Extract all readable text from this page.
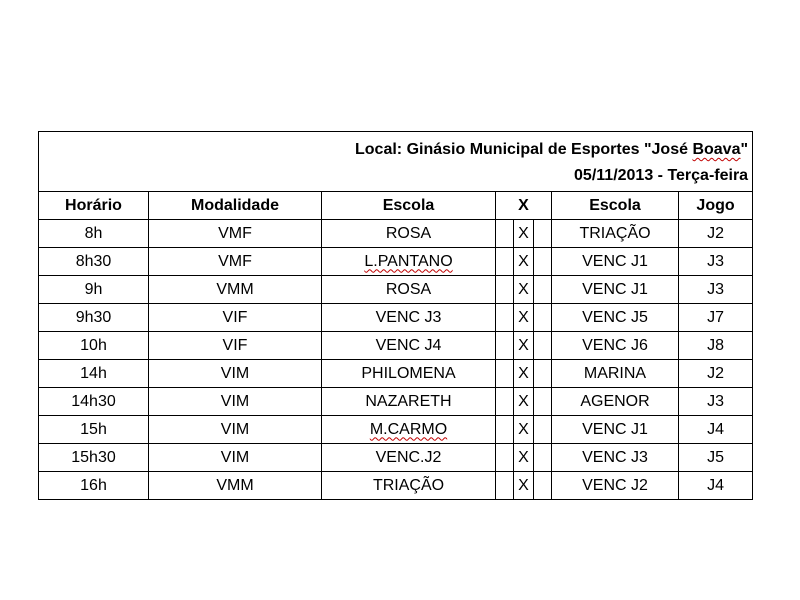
Local: Ginásio Municipal de Esportes "José Boava"
05/11/2013 - Terça-feira							

Horário	Modalidade	Escola	X			Escola	Jogo
8h	VMF	ROSA		X		TRIAÇÃO	J2
8h30	VMF	L.PANTANO		X		VENC J1	J3
9h	VMM	ROSA		X		VENC J1	J3
9h30	VIF	VENC J3		X		VENC J5	J7
10h	VIF	VENC J4		X		VENC J6	J8
14h	VIM	PHILOMENA		X		MARINA	J2
14h30	VIM	NAZARETH		X		AGENOR	J3
15h	VIM	M.CARMO		X		VENC J1	J4
15h30	VIM	VENC.J2		X		VENC J3	J5
16h	VMM	TRIAÇÃO		X		VENC J2	J4
